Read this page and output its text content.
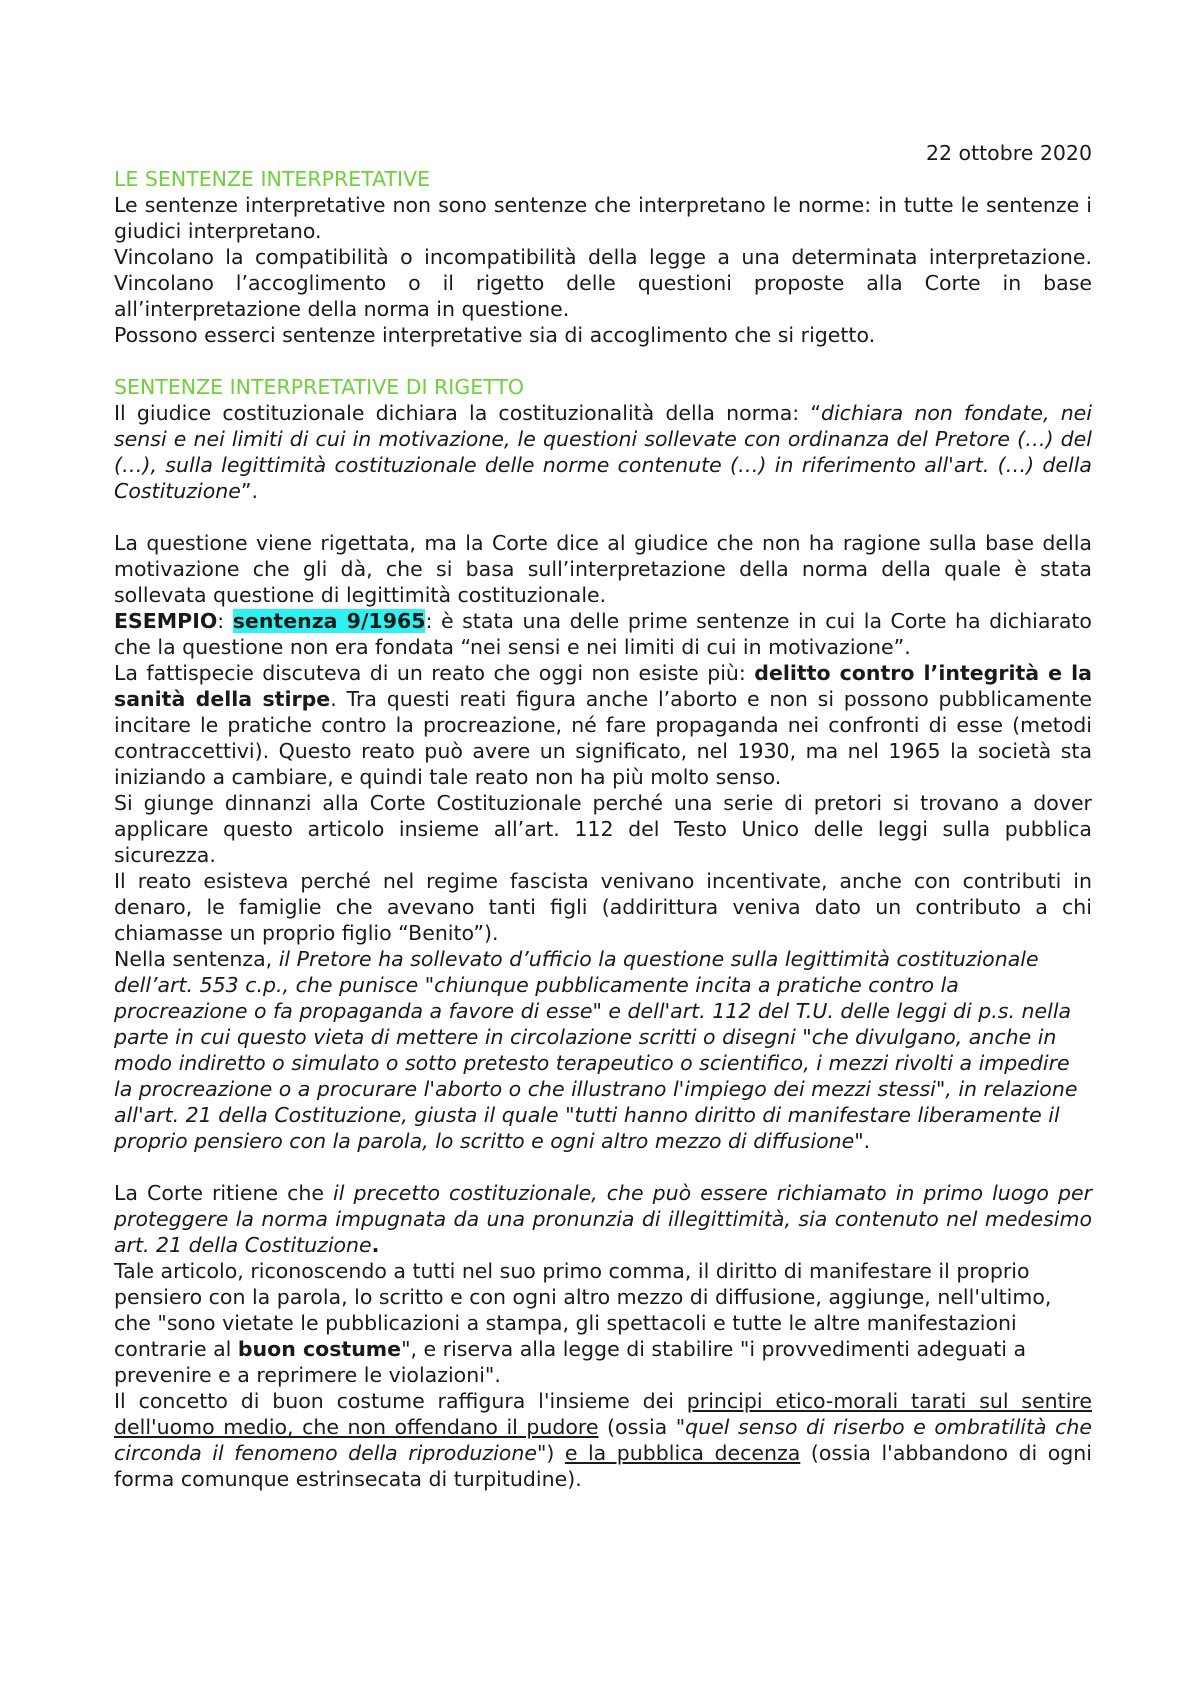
22 ottobre 2020

LE SENTENZE INTERPRETATIVE

Le sentenze interpretative non sono sentenze che interpretano le norme: in tutte le sentenze i giudici interpretano.

Vincolano la compatibilità o incompatibilità della legge a una determinata interpretazione. Vincolano l’accoglimento o il rigetto delle questioni proposte alla Corte in base all’interpretazione della norma in questione.

Possono esserci sentenze interpretative sia di accoglimento che si rigetto.

SENTENZE INTERPRETATIVE DI RIGETTO

Il giudice costituzionale dichiara la costituzionalità della norma: “dichiara non fondate, nei sensi e nei limiti di cui in motivazione, le questioni sollevate con ordinanza del Pretore (…) del (…), sulla legittimità costituzionale delle norme contenute (…) in riferimento all'art. (…) della Costituzione”.

La questione viene rigettata, ma la Corte dice al giudice che non ha ragione sulla base della motivazione che gli dà, che si basa sull’interpretazione della norma della quale è stata sollevata questione di legittimità costituzionale.

ESEMPIO: sentenza 9/1965: è stata una delle prime sentenze in cui la Corte ha dichiarato che la questione non era fondata “nei sensi e nei limiti di cui in motivazione”.

La fattispecie discuteva di un reato che oggi non esiste più: delitto contro l’integrità e la sanità della stirpe. Tra questi reati figura anche l’aborto e non si possono pubblicamente incitare le pratiche contro la procreazione, né fare propaganda nei confronti di esse (metodi contraccettivi). Questo reato può avere un significato, nel 1930, ma nel 1965 la società sta iniziando a cambiare, e quindi tale reato non ha più molto senso.

Si giunge dinnanzi alla Corte Costituzionale perché una serie di pretori si trovano a dover applicare questo articolo insieme all’art. 112 del Testo Unico delle leggi sulla pubblica sicurezza.

Il reato esisteva perché nel regime fascista venivano incentivate, anche con contributi in denaro, le famiglie che avevano tanti figli (addirittura veniva dato un contributo a chi chiamasse un proprio figlio “Benito”).

Nella sentenza, il Pretore ha sollevato d’ufficio la questione sulla legittimità costituzionale dell’art. 553 c.p., che punisce "chiunque pubblicamente incita a pratiche contro la procreazione o fa propaganda a favore di esse" e dell'art. 112 del T.U. delle leggi di p.s. nella parte in cui questo vieta di mettere in circolazione scritti o disegni "che divulgano, anche in modo indiretto o simulato o sotto pretesto terapeutico o scientifico, i mezzi rivolti a impedire la procreazione o a procurare l'aborto o che illustrano l'impiego dei mezzi stessi", in relazione all'art. 21 della Costituzione, giusta il quale "tutti hanno diritto di manifestare liberamente il proprio pensiero con la parola, lo scritto e ogni altro mezzo di diffusione".

La Corte ritiene che il precetto costituzionale, che può essere richiamato in primo luogo per proteggere la norma impugnata da una pronunzia di illegittimità, sia contenuto nel medesimo art. 21 della Costituzione.

Tale articolo, riconoscendo a tutti nel suo primo comma, il diritto di manifestare il proprio pensiero con la parola, lo scritto e con ogni altro mezzo di diffusione, aggiunge, nell'ultimo, che "sono vietate le pubblicazioni a stampa, gli spettacoli e tutte le altre manifestazioni contrarie al buon costume", e riserva alla legge di stabilire "i provvedimenti adeguati a prevenire e a reprimere le violazioni".

Il concetto di buon costume raffigura l'insieme dei principi etico-morali tarati sul sentire dell'uomo medio, che non offendano il pudore (ossia "quel senso di riserbo e ombratilità che circonda il fenomeno della riproduzione") e la pubblica decenza (ossia l'abbandono di ogni forma comunque estrinsecata di turpitudine).
